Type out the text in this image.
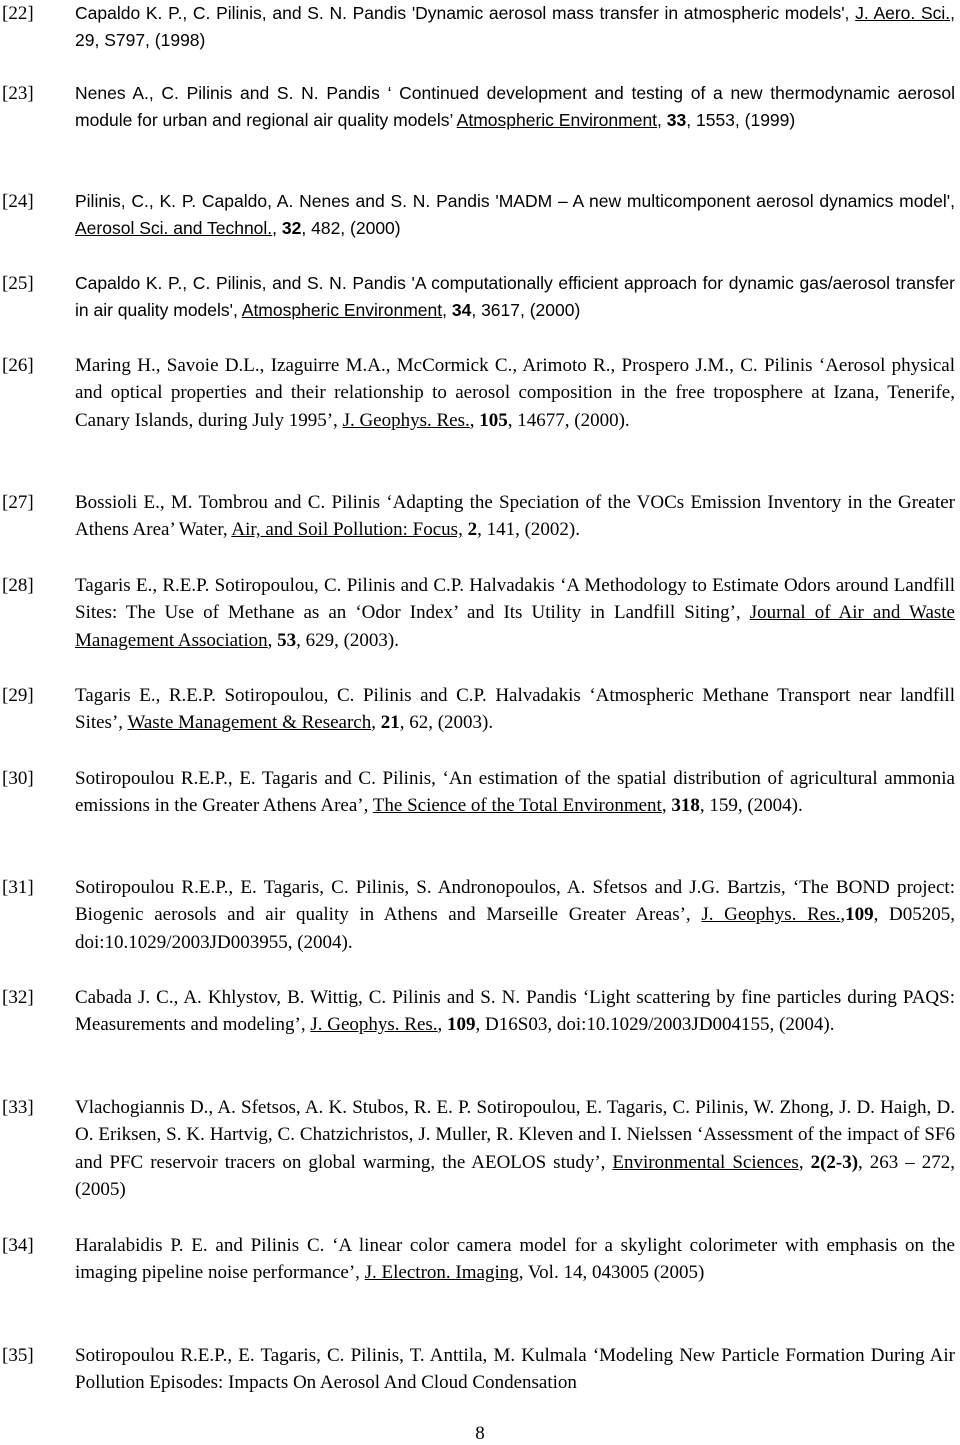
[22] Capaldo K. P., C. Pilinis, and S. N. Pandis 'Dynamic aerosol mass transfer in atmospheric models', J. Aero. Sci., 29, S797, (1998)
[23] Nenes A., C. Pilinis and S. N. Pandis ‘ Continued development and testing of a new thermodynamic aerosol module for urban and regional air quality models’ Atmospheric Environment, 33, 1553, (1999)
[24] Pilinis, C., K. P. Capaldo, A. Nenes and S. N. Pandis 'MADM – A new multicomponent aerosol dynamics model', Aerosol Sci. and Technol., 32, 482, (2000)
[25] Capaldo K. P., C. Pilinis, and S. N. Pandis 'A computationally efficient approach for dynamic gas/aerosol transfer in air quality models', Atmospheric Environment, 34, 3617, (2000)
[26] Maring H., Savoie D.L., Izaguirre M.A., McCormick C., Arimoto R., Prospero J.M., C. Pilinis ‘Aerosol physical and optical properties and their relationship to aerosol composition in the free troposphere at Izana, Tenerife, Canary Islands, during July 1995’, J. Geophys. Res., 105, 14677, (2000).
[27] Bossioli E., M. Tombrou and C. Pilinis ‘Adapting the Speciation of the VOCs Emission Inventory in the Greater Athens Area’ Water, Air, and Soil Pollution: Focus, 2, 141, (2002).
[28] Tagaris E., R.E.P. Sotiropoulou, C. Pilinis and C.P. Halvadakis ‘A Methodology to Estimate Odors around Landfill Sites: The Use of Methane as an ‘Odor Index’ and Its Utility in Landfill Siting’, Journal of Air and Waste Management Association, 53, 629, (2003).
[29] Tagaris E., R.E.P. Sotiropoulou, C. Pilinis and C.P. Halvadakis ‘Atmospheric Methane Transport near landfill Sites’, Waste Management & Research, 21, 62, (2003).
[30] Sotiropoulou R.E.P., E. Tagaris and C. Pilinis, ‘An estimation of the spatial distribution of agricultural ammonia emissions in the Greater Athens Area’, The Science of the Total Environment, 318, 159, (2004).
[31] Sotiropoulou R.E.P., E. Tagaris, C. Pilinis, S. Andronopoulos, A. Sfetsos and J.G. Bartzis, ‘The BOND project: Biogenic aerosols and air quality in Athens and Marseille Greater Areas’, J. Geophys. Res.,109, D05205, doi:10.1029/2003JD003955, (2004).
[32] Cabada J. C., A. Khlystov, B. Wittig, C. Pilinis and S. N. Pandis ‘Light scattering by fine particles during PAQS: Measurements and modeling’, J. Geophys. Res., 109, D16S03, doi:10.1029/2003JD004155, (2004).
[33] Vlachogiannis D., A. Sfetsos, A. K. Stubos, R. E. P. Sotiropoulou, E. Tagaris, C. Pilinis, W. Zhong, J. D. Haigh, D. O. Eriksen, S. K. Hartvig, C. Chatzichristos, J. Muller, R. Kleven and I. Nielssen ‘Assessment of the impact of SF6 and PFC reservoir tracers on global warming, the AEOLOS study’, Environmental Sciences, 2(2-3), 263 – 272, (2005)
[34] Haralabidis P. E. and Pilinis C. ‘A linear color camera model for a skylight colorimeter with emphasis on the imaging pipeline noise performance’, J. Electron. Imaging, Vol. 14, 043005 (2005)
[35] Sotiropoulou R.E.P., E. Tagaris, C. Pilinis, T. Anttila, M. Kulmala ‘Modeling New Particle Formation During Air Pollution Episodes: Impacts On Aerosol And Cloud Condensation
8
